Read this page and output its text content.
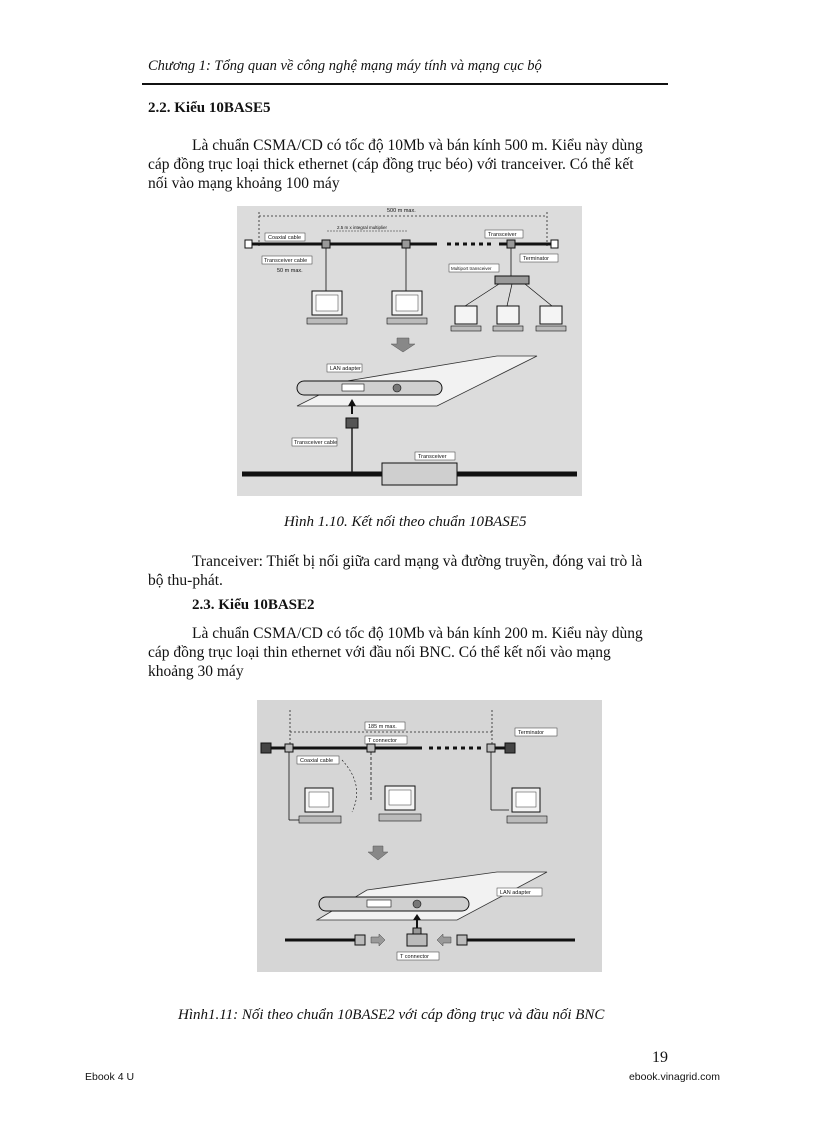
Chương 1: Tổng quan về công nghệ mạng máy tính và mạng cục bộ
2.2. Kiểu 10BASE5
Là chuẩn CSMA/CD có tốc độ 10Mb và bán kính 500 m. Kiểu này dùng
cáp đồng trục loại thick ethernet (cáp đồng trục béo) với tranceiver. Có thể kết
nối vào mạng khoảng 100 máy
500 m max.
2.5 m x integral multiplier
Coaxial cable	Transceiver
Transceiver cable
50 m max.
Terminator
Multiport transceiver
LAN adapter
Transceiver cable
Transceiver
Hình 1.10. Kết nối theo chuẩn 10BASE5
Tranceiver: Thiết bị nối giữa card mạng và đường truyền, đóng vai trò là
bộ thu-phát.
2.3. Kiểu 10BASE2
Là chuẩn CSMA/CD có tốc độ 10Mb và bán kính 200 m. Kiểu này dùng
cáp đồng trục loại thin ethernet với đầu nối BNC. Có thể kết nối vào mạng
khoảng 30 máy
185 m max.
T connector
Terminator
Coaxial cable
LAN adapter
T connector
Hình1.11: Nối theo chuẩn 10BASE2 với cáp đồng trục và đầu nối BNC
19
Ebook 4 U	ebook.vinagrid.com
